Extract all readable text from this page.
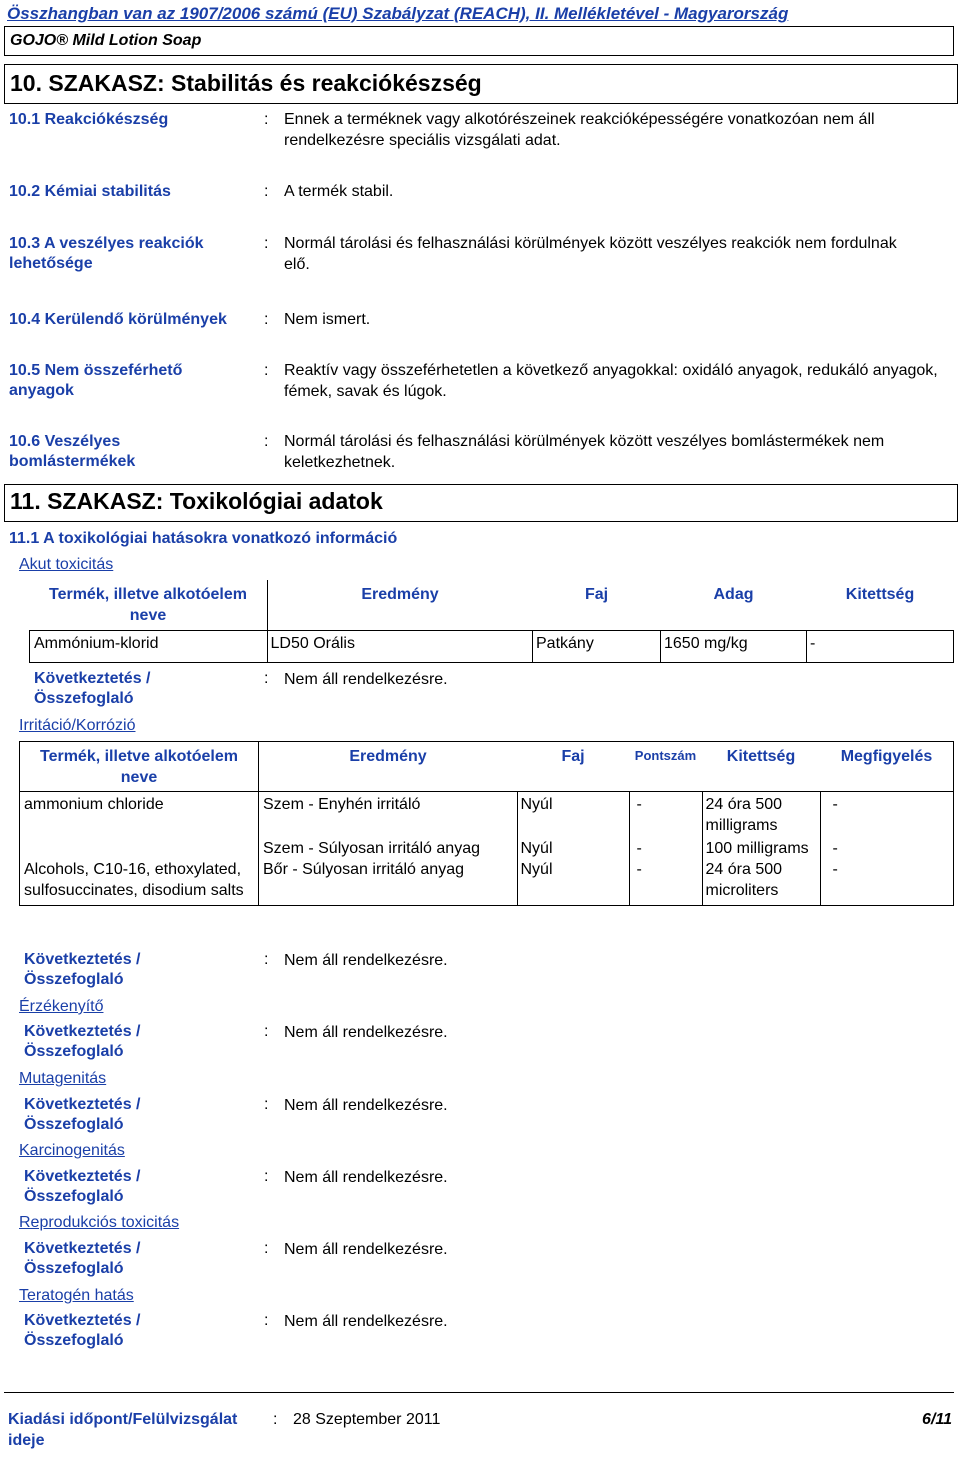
Összhangban van az 1907/2006 számú (EU) Szabályzat (REACH), II. Mellékletével - Magyarország
GOJO® Mild Lotion Soap
10. SZAKASZ: Stabilitás és reakciókészség
10.1 Reakciókészség	: Ennek a terméknek vagy alkotórészeinek reakcióképességére vonatkozóan nem áll rendelkezésre speciális vizsgálati adat.
10.2 Kémiai stabilitás	: A termék stabil.
10.3 A veszélyes reakciók lehetősége
: Normál tárolási és felhasználási körülmények között veszélyes reakciók nem fordulnak elő.
10.4 Kerülendő körülmények	: Nem ismert.
10.5 Nem összeférhető anyagok
: Reaktív vagy összeférhetetlen a következő anyagokkal: oxidáló anyagok, redukáló anyagok, fémek, savak és lúgok.
10.6 Veszélyes bomlástermékek
: Normál tárolási és felhasználási körülmények között veszélyes bomlástermékek nem keletkezhetnek.
11. SZAKASZ: Toxikológiai adatok
11.1 A toxikológiai hatásokra vonatkozó információ
Akut toxicitás
Termék, illetve alkotóelem neve	Eredmény	Faj	Adag	Kitettség

Ammónium-klorid	LD50 Orális	Patkány	1650 mg/kg	-
Következtetés / Összefoglaló
: Nem áll rendelkezésre.
Irritáció/Korrózió
Termék, illetve alkotóelem neve	Eredmény	Faj	Pontszám	Kitettség	Megfigyelés

ammonium chloride	Szem - Enyhén irritáló	Nyúl	-	24 óra 500 milligrams	-

	Szem - Súlyosan irritáló anyag	Nyúl	-	100 milligrams	-

Alcohols, C10-16, ethoxylated, sulfosuccinates, disodium salts	Bőr - Súlyosan irritáló anyag	Nyúl	-	24 óra 500 microliters	-
Következtetés / Összefoglaló
: Nem áll rendelkezésre.
Érzékenyítő
Következtetés / Összefoglaló
: Nem áll rendelkezésre.
Mutagenitás
Következtetés / Összefoglaló
: Nem áll rendelkezésre.
Karcinogenitás
Következtetés / Összefoglaló
: Nem áll rendelkezésre.
Reprodukciós toxicitás
Következtetés / Összefoglaló
: Nem áll rendelkezésre.
Teratogén hatás
Következtetés / Összefoglaló
: Nem áll rendelkezésre.
Kiadási időpont/Felülvizsgálat ideje
: 28 Szeptember 2011	6/11
